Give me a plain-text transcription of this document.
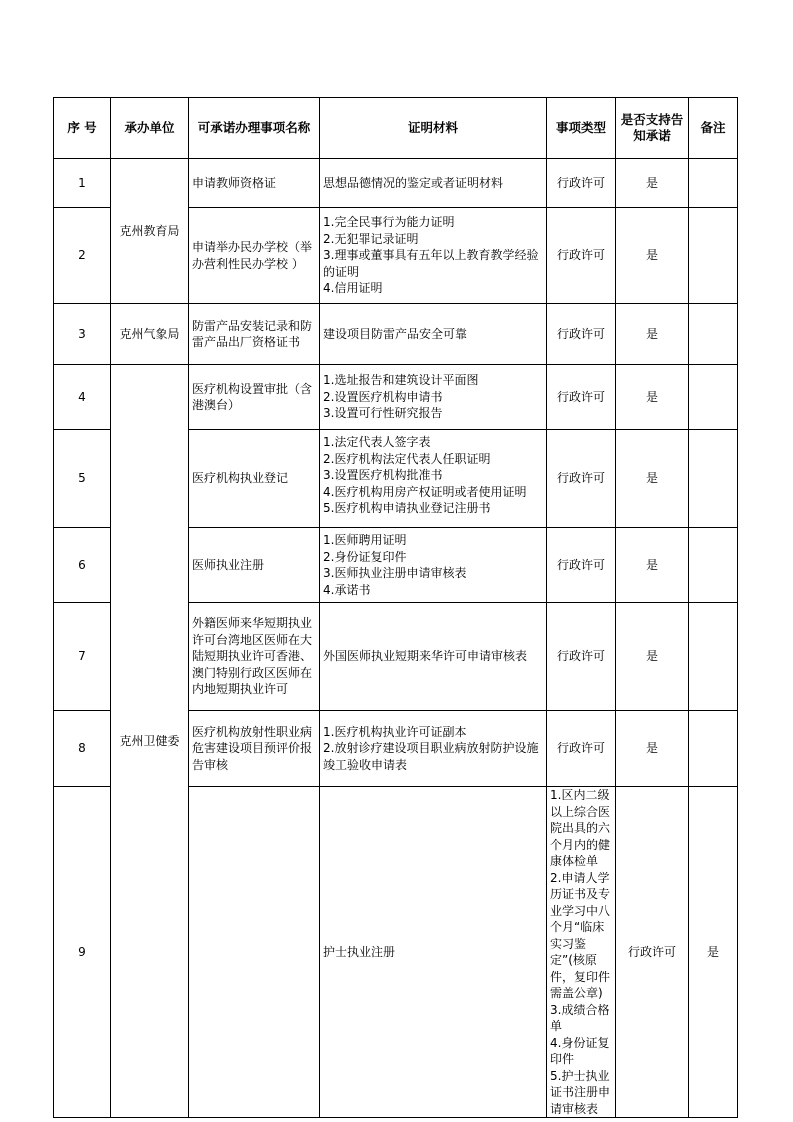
序 号	承办单位	可承诺办理事项名称	证明材料	事项类型	是否支持告知承诺	备注	
1	克州教育局	申请教师资格证	思想品德情况的鉴定或者证明材料	行政许可	是		
2		申请举办民办学校（举办营利性民办学校 ）	1.完全民事行为能力证明
2.无犯罪记录证明
3.理事或董事具有五年以上教育教学经验的证明
4.信用证明	行政许可	是		
3	克州气象局	防雷产品安装记录和防雷产品出厂资格证书	建设项目防雷产品安全可靠	行政许可	是		
4	克州卫健委	医疗机构设置审批（含港澳台）	1.选址报告和建筑设计平面图
2.设置医疗机构申请书
3.设置可行性研究报告	行政许可	是		
5		医疗机构执业登记	1.法定代表人签字表
2.医疗机构法定代表人任职证明
3.设置医疗机构批准书
4.医疗机构用房产权证明或者使用证明
5.医疗机构申请执业登记注册书	行政许可	是		
6		医师执业注册	1.医师聘用证明
2.身份证复印件
3.医师执业注册申请审核表
4.承诺书	行政许可	是		
7		外籍医师来华短期执业许可台湾地区医师在大陆短期执业许可香港、澳门特别行政区医师在内地短期执业许可	外国医师执业短期来华许可申请审核表	行政许可	是		
8		医疗机构放射性职业病危害建设项目预评价报告审核	1.医疗机构执业许可证副本
2.放射诊疗建设项目职业病放射防护设施竣工验收申请表	行政许可	是		
9			护士执业注册	1.区内二级以上综合医院出具的六个月内的健康体检单
2.申请人学历证书及专业学习中八个月“临床实习鉴定”(核原件，复印件需盖公章)
3.成绩合格单
4.身份证复印件
5.护士执业证书注册申请审核表	行政许可	是	
